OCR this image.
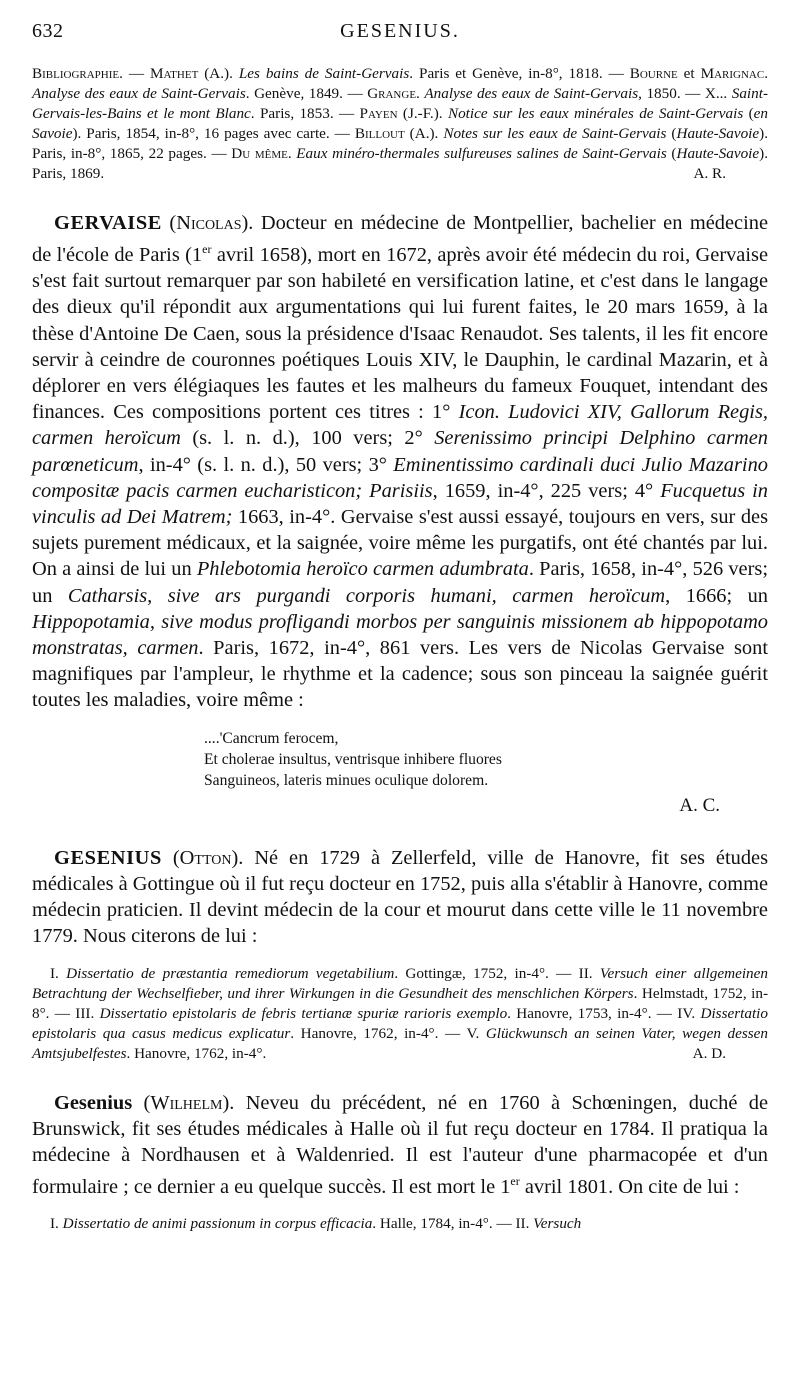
632	GESENIUS.
Bibliographie. — Mathet (A.). Les bains de Saint-Gervais. Paris et Genève, in-8°, 1818. — Bourne et Marignac. Analyse des eaux de Saint-Gervais. Genève, 1849. — Grange. Analyse des eaux de Saint-Gervais, 1850. — X... Saint-Gervais-les-Bains et le mont Blanc. Paris, 1853. — Payen (J.-F.). Notice sur les eaux minérales de Saint-Gervais (en Savoie). Paris, 1854, in-8°, 16 pages avec carte. — Billout (A.). Notes sur les eaux de Saint-Gervais (Haute-Savoie). Paris, in-8°, 1865, 22 pages. — Du même. Eaux minéro-thermales sulfureuses salines de Saint-Gervais (Haute-Savoie). Paris, 1869.	A. R.

GERVAISE (Nicolas). Docteur en médecine de Montpellier, bachelier en médecine de l'école de Paris (1er avril 1658), mort en 1672, après avoir été médecin du roi, Gervaise s'est fait surtout remarquer par son habileté en versification latine, et c'est dans le langage des dieux qu'il répondit aux argumentations qui lui furent faites, le 20 mars 1659, à la thèse d'Antoine De Caen, sous la présidence d'Isaac Renaudot. Ses talents, il les fit encore servir à ceindre de couronnes poétiques Louis XIV, le Dauphin, le cardinal Mazarin, et à déplorer en vers élégiaques les fautes et les malheurs du fameux Fouquet, intendant des finances. Ces compositions portent ces titres : 1° Icon. Ludovici XIV, Gallorum Regis, carmen heroïcum (s. l. n. d.), 100 vers; 2° Serenissimo principi Delphino carmen parœneticum, in-4° (s. l. n. d.), 50 vers; 3° Eminentissimo cardinali duci Julio Mazarino compositæ pacis carmen eucharisticon; Parisiis, 1659, in-4°, 225 vers; 4° Fucquetus in vinculis ad Dei Matrem; 1663, in-4°. Gervaise s'est aussi essayé, toujours en vers, sur des sujets purement médicaux, et la saignée, voire même les purgatifs, ont été chantés par lui. On a ainsi de lui un Phlebotomia heroïco carmen adumbrata. Paris, 1658, in-4°, 526 vers; un Catharsis, sive ars purgandi corporis humani, carmen heroïcum, 1666; un Hippopotamia, sive modus profligandi morbos per sanguinis missionem ab hippopotamo monstratas, carmen. Paris, 1672, in-4°, 861 vers. Les vers de Nicolas Gervaise sont magnifiques par l'ampleur, le rhythme et la cadence; sous son pinceau la saignée guérit toutes les maladies, voire même :

....'Cancrum ferocem,
Et cholerae insultus, ventrisque inhibere fluores
Sanguineos, lateris minues oculique dolorem.
A. C.

GESENIUS (Otton). Né en 1729 à Zellerfeld, ville de Hanovre, fit ses études médicales à Gottingue où il fut reçu docteur en 1752, puis alla s'établir à Hanovre, comme médecin praticien. Il devint médecin de la cour et mourut dans cette ville le 11 novembre 1779. Nous citerons de lui :

I. Dissertatio de præstantia remediorum vegetabilium. Gottingæ, 1752, in-4°. — II. Versuch einer allgemeinen Betrachtung der Wechselfieber, und ihrer Wirkungen in die Gesundheit des menschlichen Körpers. Helmstadt, 1752, in-8°. — III. Dissertatio epistolaris de febris tertianæ spuriæ rarioris exemplo. Hanovre, 1753, in-4°. — IV. Dissertatio epistolaris qua casus medicus explicatur. Hanovre, 1762, in-4°. — V. Glückwunsch an seinen Vater, wegen dessen Amtsjubelfestes. Hanovre, 1762, in-4°.	A. D.

Gesenius (Wilhelm). Neveu du précédent, né en 1760 à Schœningen, duché de Brunswick, fit ses études médicales à Halle où il fut reçu docteur en 1784. Il pratiqua la médecine à Nordhausen et à Waldenried. Il est l'auteur d'une pharmacopée et d'un formulaire ; ce dernier a eu quelque succès. Il est mort le 1er avril 1801. On cite de lui :

I. Dissertatio de animi passionum in corpus efficacia. Halle, 1784, in-4°. — II. Versuch
